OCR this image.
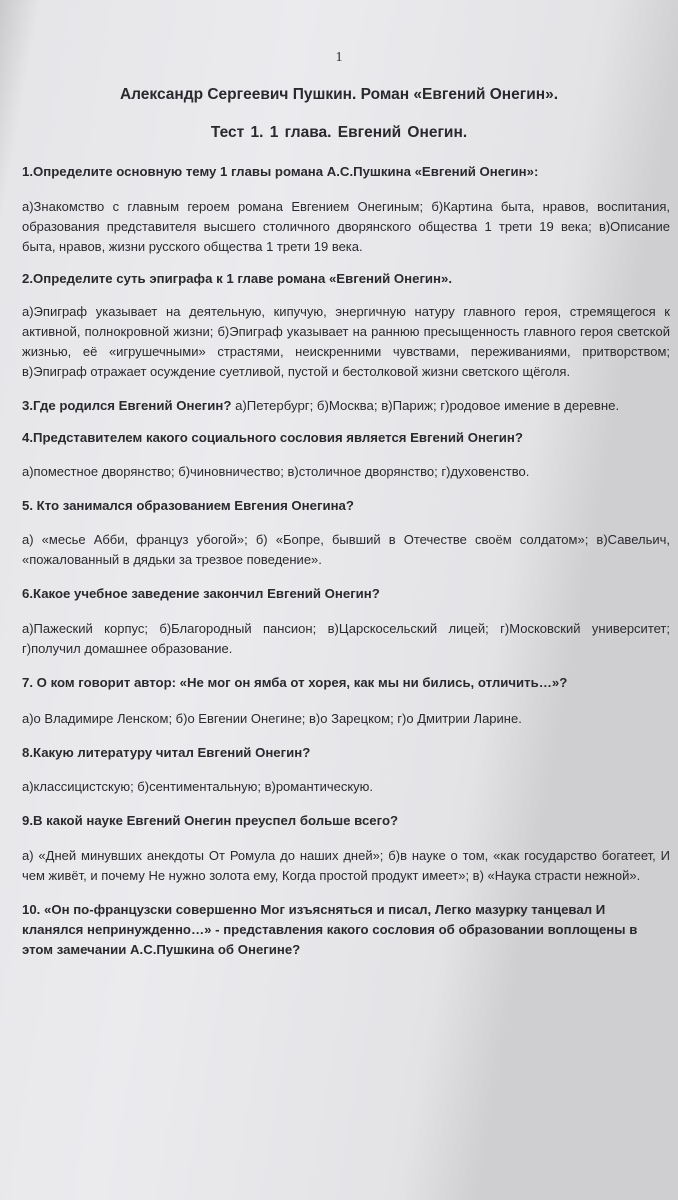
1
Александр Сергеевич Пушкин. Роман «Евгений Онегин».
Тест 1. 1 глава. Евгений Онегин.

1.Определите основную тему 1 главы романа А.С.Пушкина «Евгений Онегин»:

а)Знакомство с главным героем романа Евгением Онегиным; б)Картина быта, нравов, воспитания, образования представителя высшего столичного дворянского общества 1 трети 19 века; в)Описание быта, нравов, жизни русского общества 1 трети 19 века.

2.Определите суть эпиграфа к 1 главе романа «Евгений Онегин».

а)Эпиграф указывает на деятельную, кипучую, энергичную натуру главного героя, стремящегося к активной, полнокровной жизни; б)Эпиграф указывает на раннюю пресыщенность главного героя светской жизнью, её «игрушечными» страстями, неискренними чувствами, переживаниями, притворством; в)Эпиграф отражает осуждение суетливой, пустой и бестолковой жизни светского щёголя.

3.Где родился Евгений Онегин? а)Петербург; б)Москва; в)Париж; г)родовое имение в деревне.

4.Представителем какого социального сословия является Евгений Онегин?

а)поместное дворянство; б)чиновничество; в)столичное дворянство; г)духовенство.

5. Кто занимался образованием Евгения Онегина?

а) «месье Абби, француз убогой»; б) «Бопре, бывший в Отечестве своём солдатом»; в)Савельич, «пожалованный в дядьки за трезвое поведение».

6.Какое учебное заведение закончил Евгений Онегин?

а)Пажеский корпус; б)Благородный пансион; в)Царскосельский лицей; г)Московский университет; г)получил домашнее образование.

7. О ком говорит автор: «Не мог он ямба от хорея, как мы ни бились, отличить…»?

а)о Владимире Ленском; б)о Евгении Онегине; в)о Зарецком; г)о Дмитрии Ларине.

8.Какую литературу читал Евгений Онегин?

а)классицистскую; б)сентиментальную; в)романтическую.

9.В какой науке Евгений Онегин преуспел больше всего?

а) «Дней минувших анекдоты От Ромула до наших дней»; б)в науке о том, «как государство богатеет, И чем живёт, и почему Не нужно золота ему, Когда простой продукт имеет»; в) «Наука страсти нежной».

10. «Он по-французски совершенно Мог изъясняться и писал, Легко мазурку танцевал И кланялся непринужденно…» - представления какого сословия об образовании воплощены в этом замечании А.С.Пушкина об Онегине?
